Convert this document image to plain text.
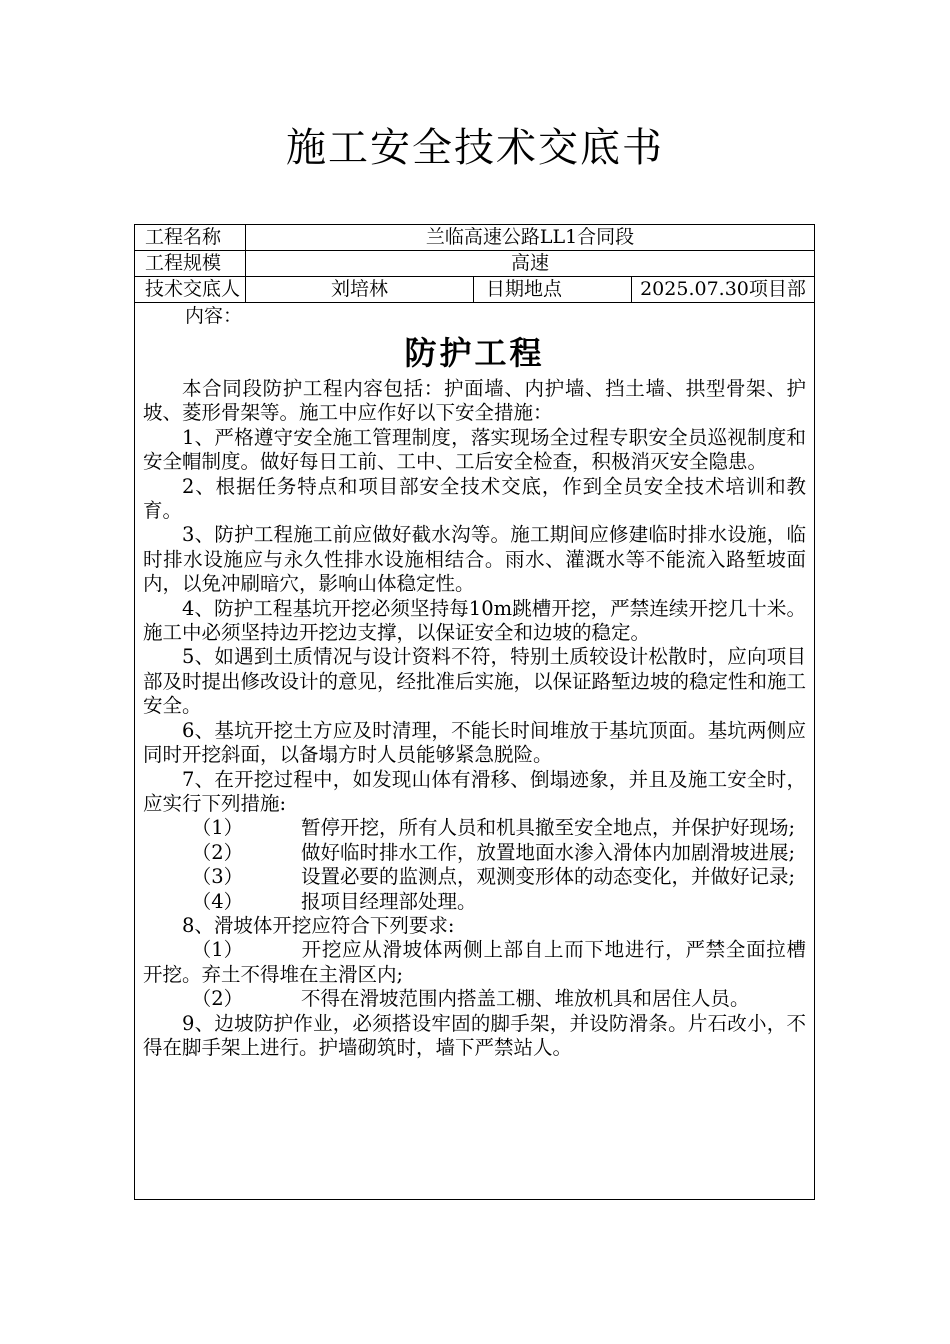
施工安全技术交底书
工程名称	兰临高速公路LL1合同段
工程规模	高速
技术交底人	刘培林	日期地点	2025.07.30项目部
内容：
防护工程

本合同段防护工程内容包括：护面墙、内护墙、挡土墙、拱型骨架、护坡、菱形骨架等。施工中应作好以下安全措施：

1、严格遵守安全施工管理制度，落实现场全过程专职安全员巡视制度和安全帽制度。做好每日工前、工中、工后安全检查，积极消灭安全隐患。

2、根据任务特点和项目部安全技术交底，作到全员安全技术培训和教育。

3、防护工程施工前应做好截水沟等。施工期间应修建临时排水设施，临时排水设施应与永久性排水设施相结合。雨水、灌溉水等不能流入路堑坡面内，以免冲刷暗穴，影响山体稳定性。

4、防护工程基坑开挖必须坚持每10m跳槽开挖，严禁连续开挖几十米。施工中必须坚持边开挖边支撑，以保证安全和边坡的稳定。

5、如遇到土质情况与设计资料不符，特别土质较设计松散时，应向项目部及时提出修改设计的意见，经批准后实施，以保证路堑边坡的稳定性和施工安全。

6、基坑开挖土方应及时清理，不能长时间堆放于基坑顶面。基坑两侧应同时开挖斜面，以备塌方时人员能够紧急脱险。

7、在开挖过程中，如发现山体有滑移、倒塌迹象，并且及施工安全时，应实行下列措施:

（1）	暂停开挖，所有人员和机具撤至安全地点，并保护好现场;

（2）	做好临时排水工作，放置地面水渗入滑体内加剧滑坡进展;

（3）	设置必要的监测点，观测变形体的动态变化，并做好记录;

（4）	报项目经理部处理。

8、滑坡体开挖应符合下列要求:

（1）	开挖应从滑坡体两侧上部自上而下地进行，严禁全面拉槽开挖。弃土不得堆在主滑区内;

（2）	不得在滑坡范围内搭盖工棚、堆放机具和居住人员。

9、边坡防护作业，必须搭设牢固的脚手架，并设防滑条。片石改小，不得在脚手架上进行。护墙砌筑时，墙下严禁站人。
